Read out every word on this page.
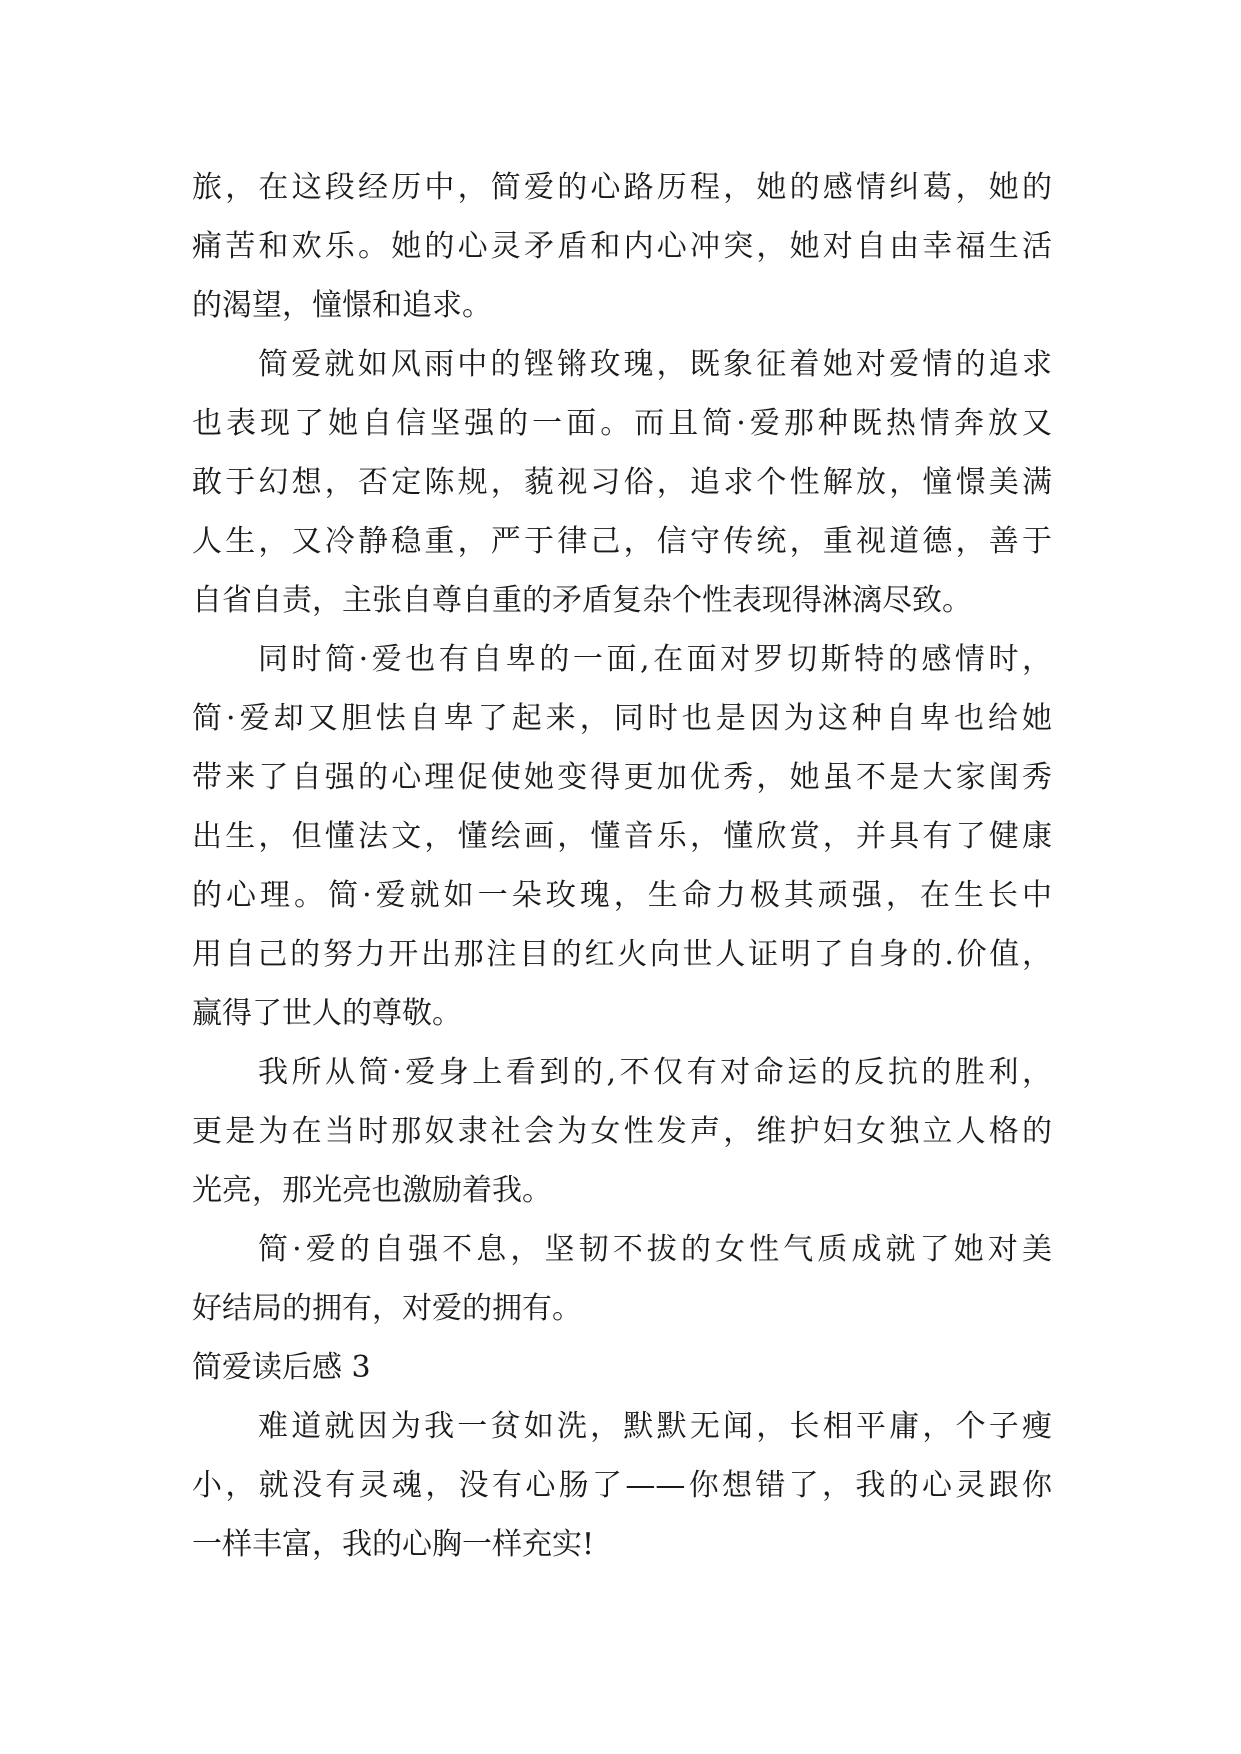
旅，在这段经历中，简爱的心路历程，她的感情纠葛，她的
痛苦和欢乐。她的心灵矛盾和内心冲突，她对自由幸福生活
的渴望，憧憬和追求。
简爱就如风雨中的铿锵玫瑰，既象征着她对爱情的追求
也表现了她自信坚强的一面。而且简·爱那种既热情奔放又
敢于幻想，否定陈规，藐视习俗，追求个性解放，憧憬美满
人生，又冷静稳重，严于律己，信守传统，重视道德，善于
自省自责，主张自尊自重的矛盾复杂个性表现得淋漓尽致。
同时简·爱也有自卑的一面,在面对罗切斯特的感情时，
简·爱却又胆怯自卑了起来，同时也是因为这种自卑也给她
带来了自强的心理促使她变得更加优秀，她虽不是大家闺秀
出生，但懂法文，懂绘画，懂音乐，懂欣赏，并具有了健康
的心理。简·爱就如一朵玫瑰，生命力极其顽强，在生长中
用自己的努力开出那注目的红火向世人证明了自身的.价值，
赢得了世人的尊敬。
我所从简·爱身上看到的,不仅有对命运的反抗的胜利，
更是为在当时那奴隶社会为女性发声，维护妇女独立人格的
光亮，那光亮也激励着我。
简·爱的自强不息，坚韧不拔的女性气质成就了她对美
好结局的拥有，对爱的拥有。
简爱读后感 3
难道就因为我一贫如洗，默默无闻，长相平庸，个子瘦
小，就没有灵魂，没有心肠了——你想错了，我的心灵跟你
一样丰富，我的心胸一样充实!
